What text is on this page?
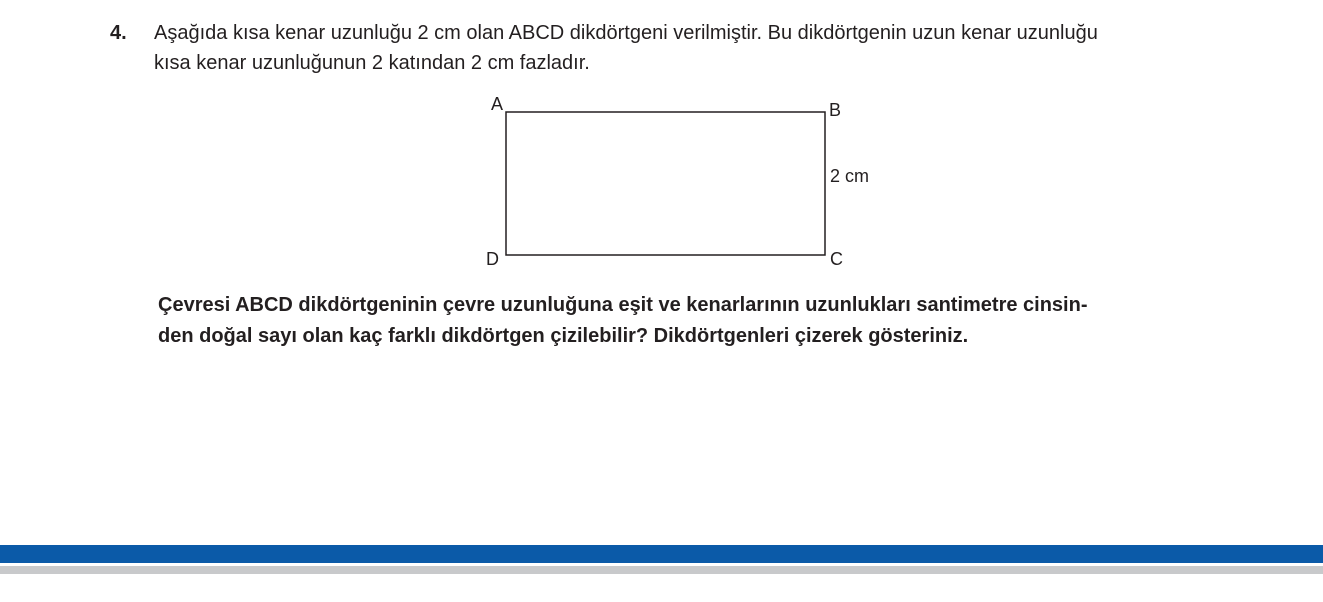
4. Aşağıda kısa kenar uzunluğu 2 cm olan ABCD dikdörtgeni verilmiştir. Bu dikdörtgenin uzun kenar uzunluğu
kısa kenar uzunluğunun 2 katından 2 cm fazladır.
A	B
C
D
2 cm
Çevresi ABCD dikdörtgeninin çevre uzunluğuna eşit ve kenarlarının uzunlukları santimetre cinsin-
den doğal sayı olan kaç farklı dikdörtgen çizilebilir? Dikdörtgenleri çizerek gösteriniz.
